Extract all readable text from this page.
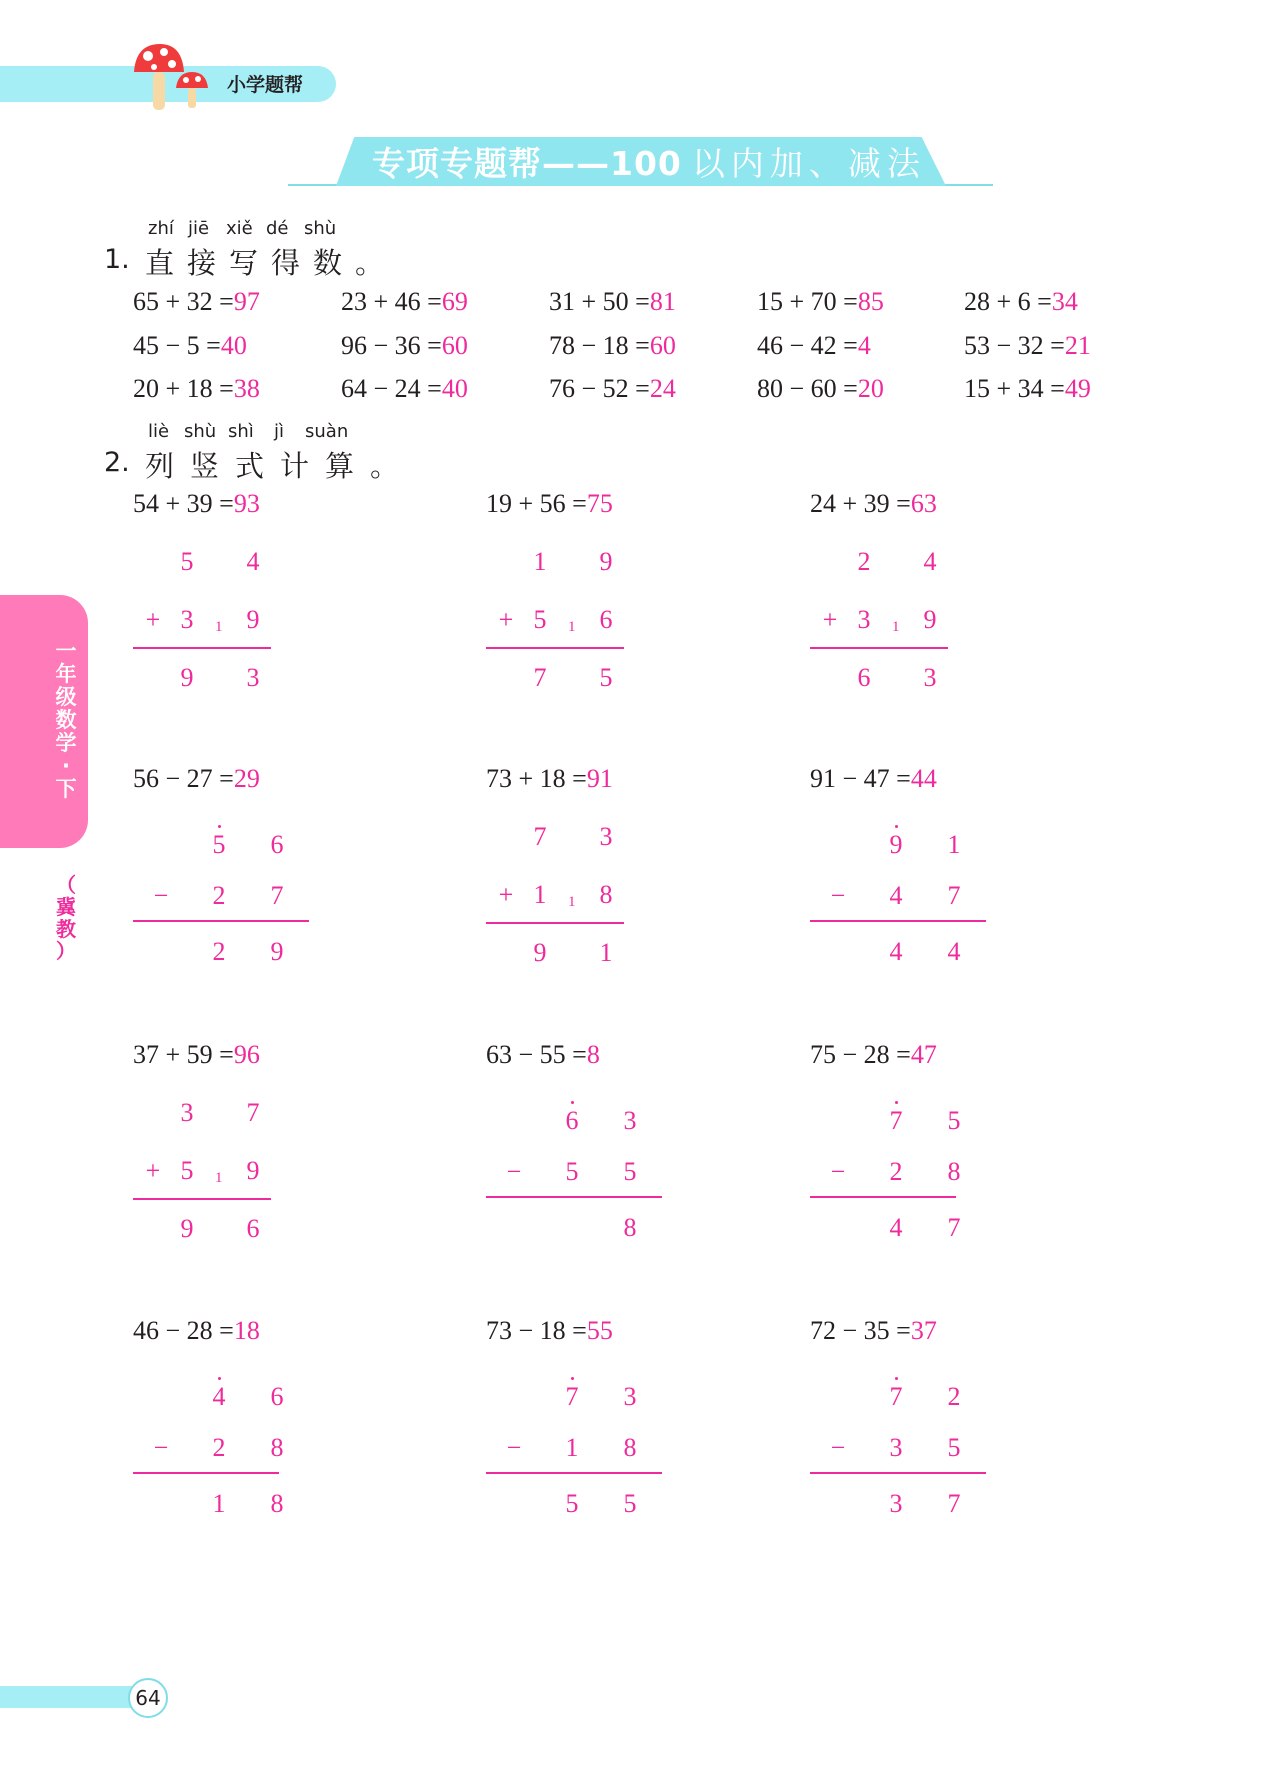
小学题帮
专项专题帮——100 以内加、减法
zhí jiē xiě dé shù
1. 直接写得数。
65 + 32 =97	23 + 46 =69	31 + 50 =81	15 + 70 =85	28 + 6 =34
45 − 5 =40	96 − 36 =60	78 − 18 =60	46 − 42 =4	53 − 32 =21
20 + 18 =38	64 − 24 =40	76 − 52 =24	80 − 60 =20	15 + 34 =49
liè shù shì jì suàn
2. 列竖式计算。
54 + 39 =93
5 4
+ 3 9
1
9 3
19 + 56 =75
1 9
+ 5 6
1
7 5
24 + 39 =63
2 4
+ 3 9
1
6 3
56 − 27 =29
5 6
− 2 7
2 9
73 + 18 =91
7 3
+ 1 8
1
9 1
91 − 47 =44
9 1
− 4 7
4 4
37 + 59 =96
3 7
+ 5 9
1
9 6
63 − 55 =8
6 3
− 5 5
8
75 − 28 =47
7 5
− 2 8
4 7
46 − 28 =18
4 6
− 2 8
1 8
73 − 18 =55
7 3
− 1 8
5 5
72 − 35 =37
7 2
− 3 5
3 7
一
年
级
数
学
·
下
（
冀
教
）
64
